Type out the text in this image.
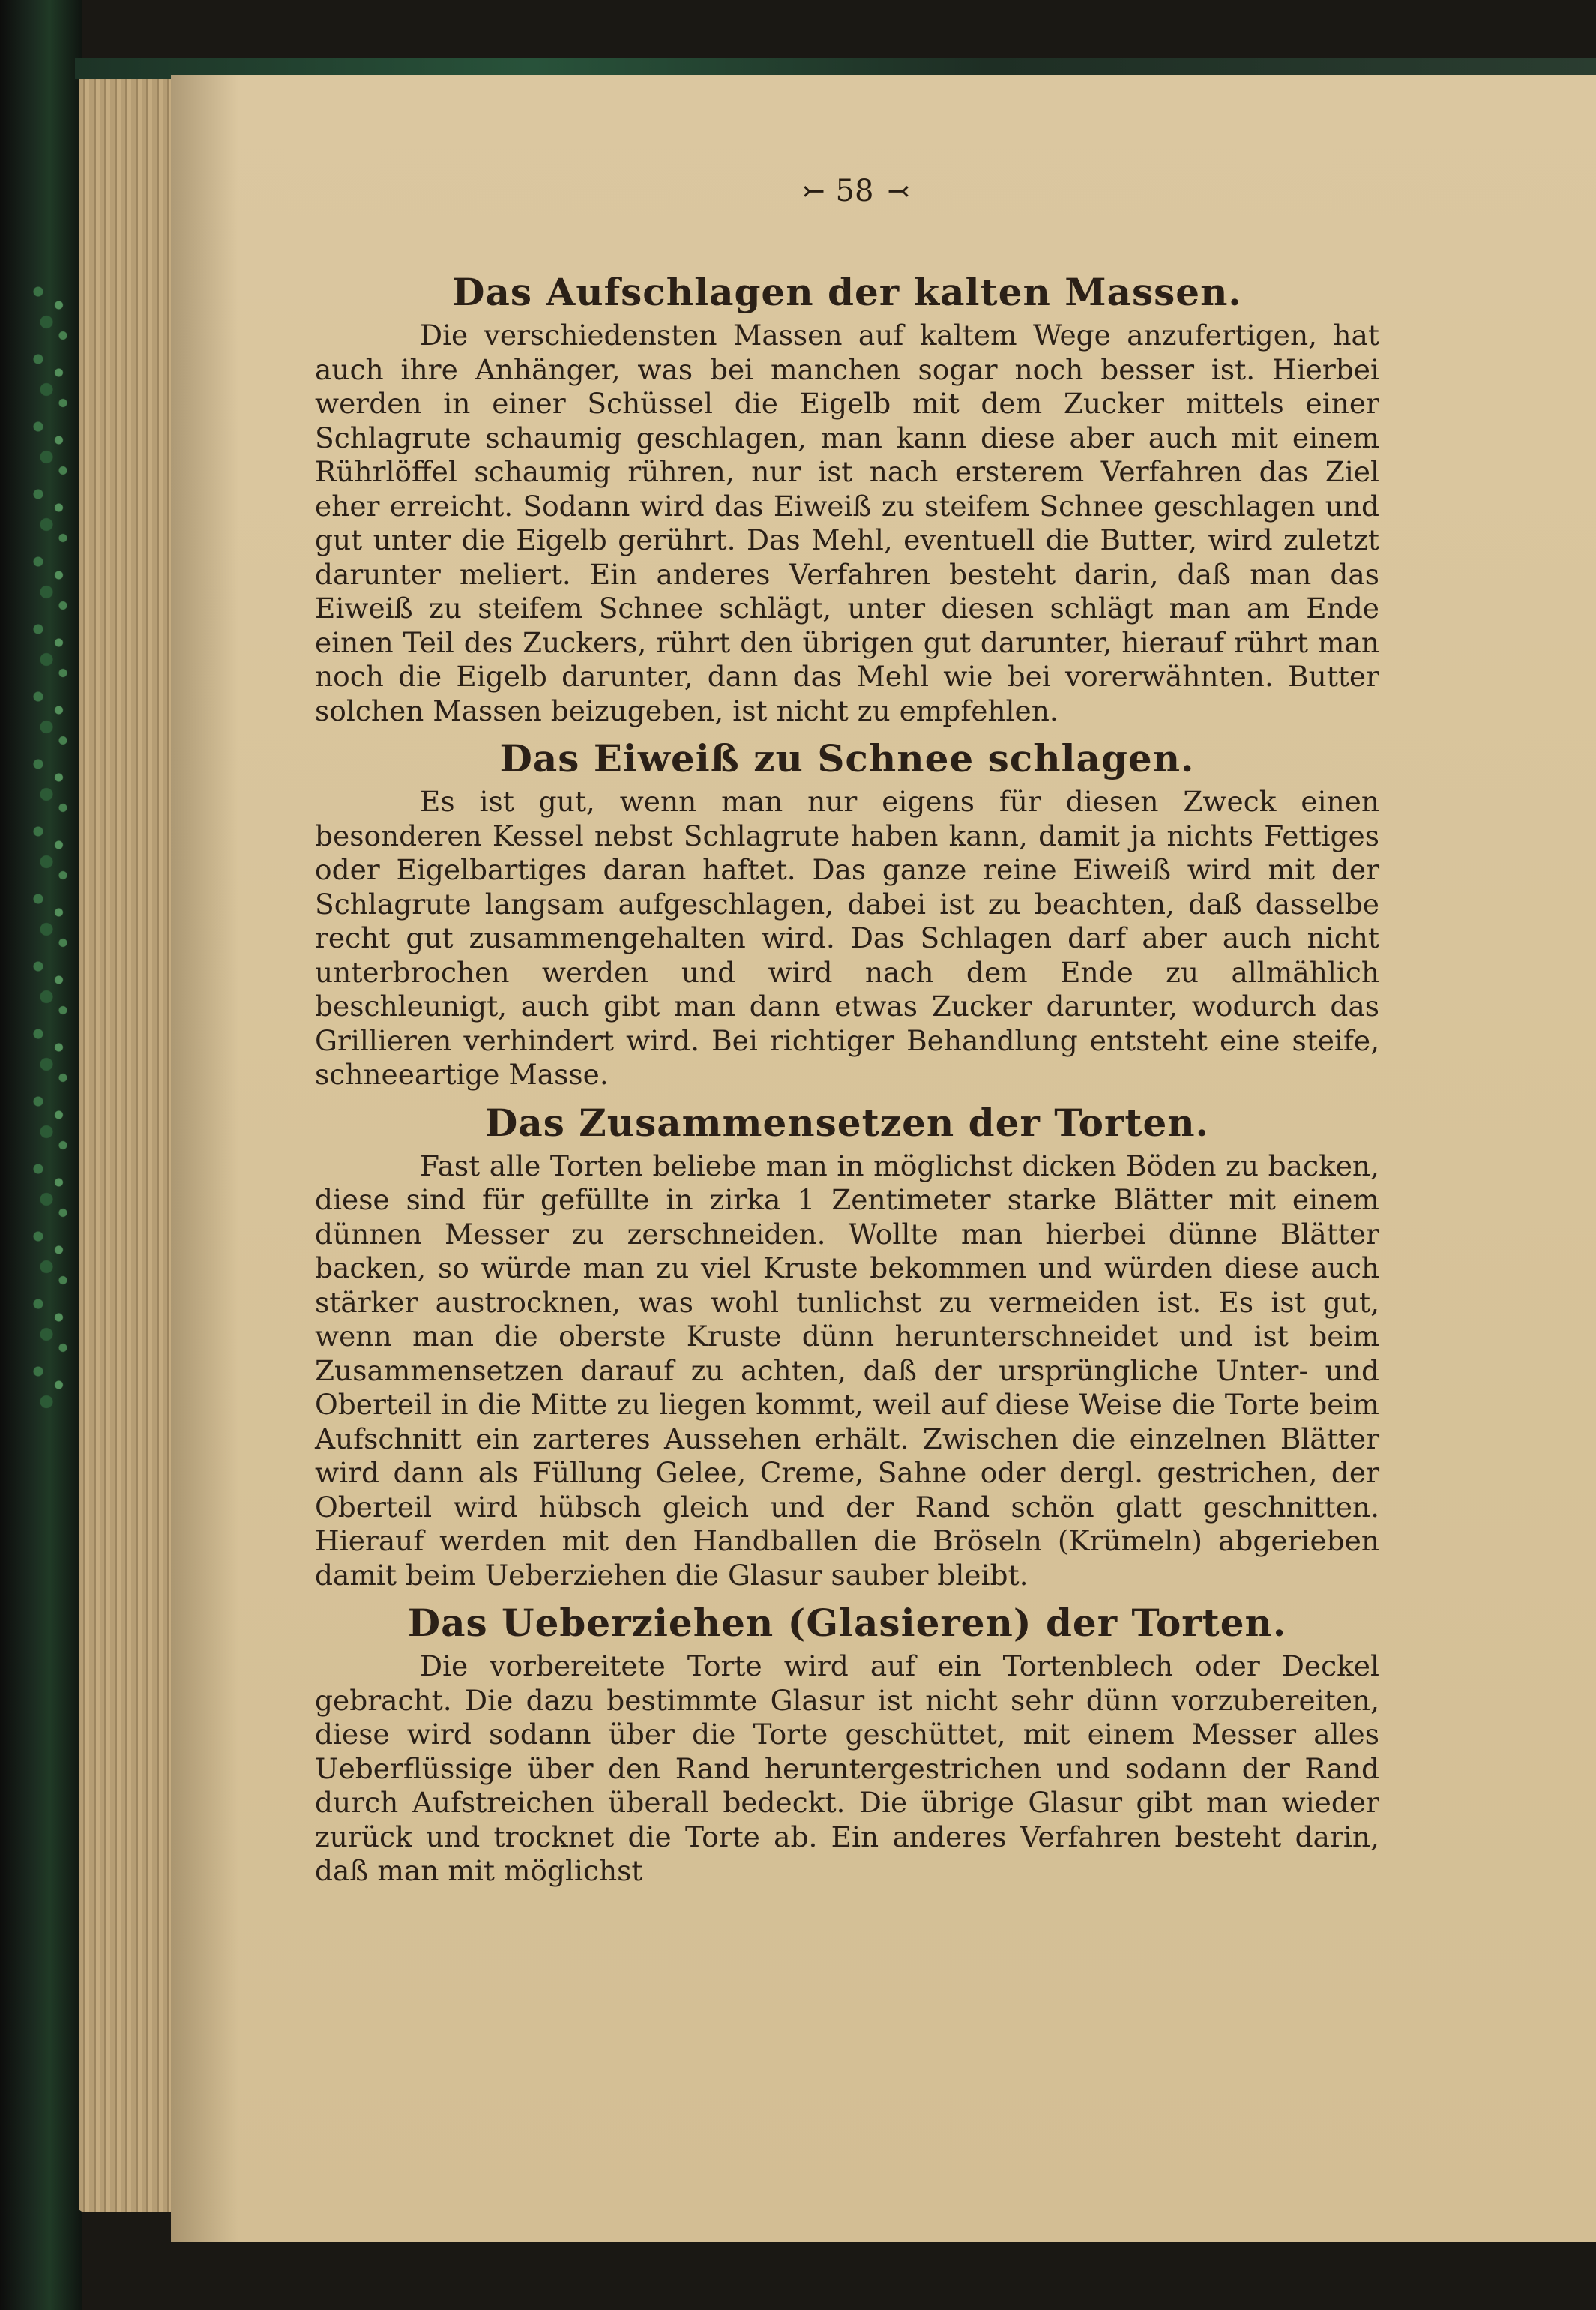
⤚ 58 ⤙
Das Aufschlagen der kalten Massen.

Die verschiedensten Massen auf kaltem Wege anzufertigen, hat auch ihre Anhänger, was bei manchen sogar noch besser ist. Hierbei werden in einer Schüssel die Eigelb mit dem Zucker mittels einer Schlagrute schaumig geschlagen, man kann diese aber auch mit einem Rührlöffel schaumig rühren, nur ist nach ersterem Verfahren das Ziel eher erreicht. Sodann wird das Eiweiß zu steifem Schnee geschlagen und gut unter die Eigelb gerührt. Das Mehl, eventuell die Butter, wird zuletzt darunter meliert. Ein anderes Verfahren besteht darin, daß man das Eiweiß zu steifem Schnee schlägt, unter diesen schlägt man am Ende einen Teil des Zuckers, rührt den übrigen gut darunter, hierauf rührt man noch die Eigelb darunter, dann das Mehl wie bei vorerwähnten. Butter solchen Massen beizugeben, ist nicht zu empfehlen.

Das Eiweiß zu Schnee schlagen.

Es ist gut, wenn man nur eigens für diesen Zweck einen besonderen Kessel nebst Schlagrute haben kann, damit ja nichts Fettiges oder Eigelbartiges daran haftet. Das ganze reine Eiweiß wird mit der Schlagrute langsam aufgeschlagen, dabei ist zu beachten, daß dasselbe recht gut zusammengehalten wird. Das Schlagen darf aber auch nicht unterbrochen werden und wird nach dem Ende zu allmählich beschleunigt, auch gibt man dann etwas Zucker darunter, wodurch das Grillieren verhindert wird. Bei richtiger Behandlung entsteht eine steife, schneeartige Masse.

Das Zusammensetzen der Torten.

Fast alle Torten beliebe man in möglichst dicken Böden zu backen, diese sind für gefüllte in zirka 1 Zentimeter starke Blätter mit einem dünnen Messer zu zerschneiden. Wollte man hierbei dünne Blätter backen, so würde man zu viel Kruste bekommen und würden diese auch stärker austrocknen, was wohl tunlichst zu vermeiden ist. Es ist gut, wenn man die oberste Kruste dünn herunterschneidet und ist beim Zusammensetzen darauf zu achten, daß der ursprüngliche Unter- und Oberteil in die Mitte zu liegen kommt, weil auf diese Weise die Torte beim Aufschnitt ein zarteres Aussehen erhält. Zwischen die einzelnen Blätter wird dann als Füllung Gelee, Creme, Sahne oder dergl. gestrichen, der Oberteil wird hübsch gleich und der Rand schön glatt geschnitten. Hierauf werden mit den Handballen die Bröseln (Krümeln) abgerieben damit beim Ueberziehen die Glasur sauber bleibt.

Das Ueberziehen (Glasieren) der Torten.

Die vorbereitete Torte wird auf ein Tortenblech oder Deckel gebracht. Die dazu bestimmte Glasur ist nicht sehr dünn vorzubereiten, diese wird sodann über die Torte geschüttet, mit einem Messer alles Ueberflüssige über den Rand heruntergestrichen und sodann der Rand durch Aufstreichen überall bedeckt. Die übrige Glasur gibt man wieder zurück und trocknet die Torte ab. Ein anderes Verfahren besteht darin, daß man mit möglichst
